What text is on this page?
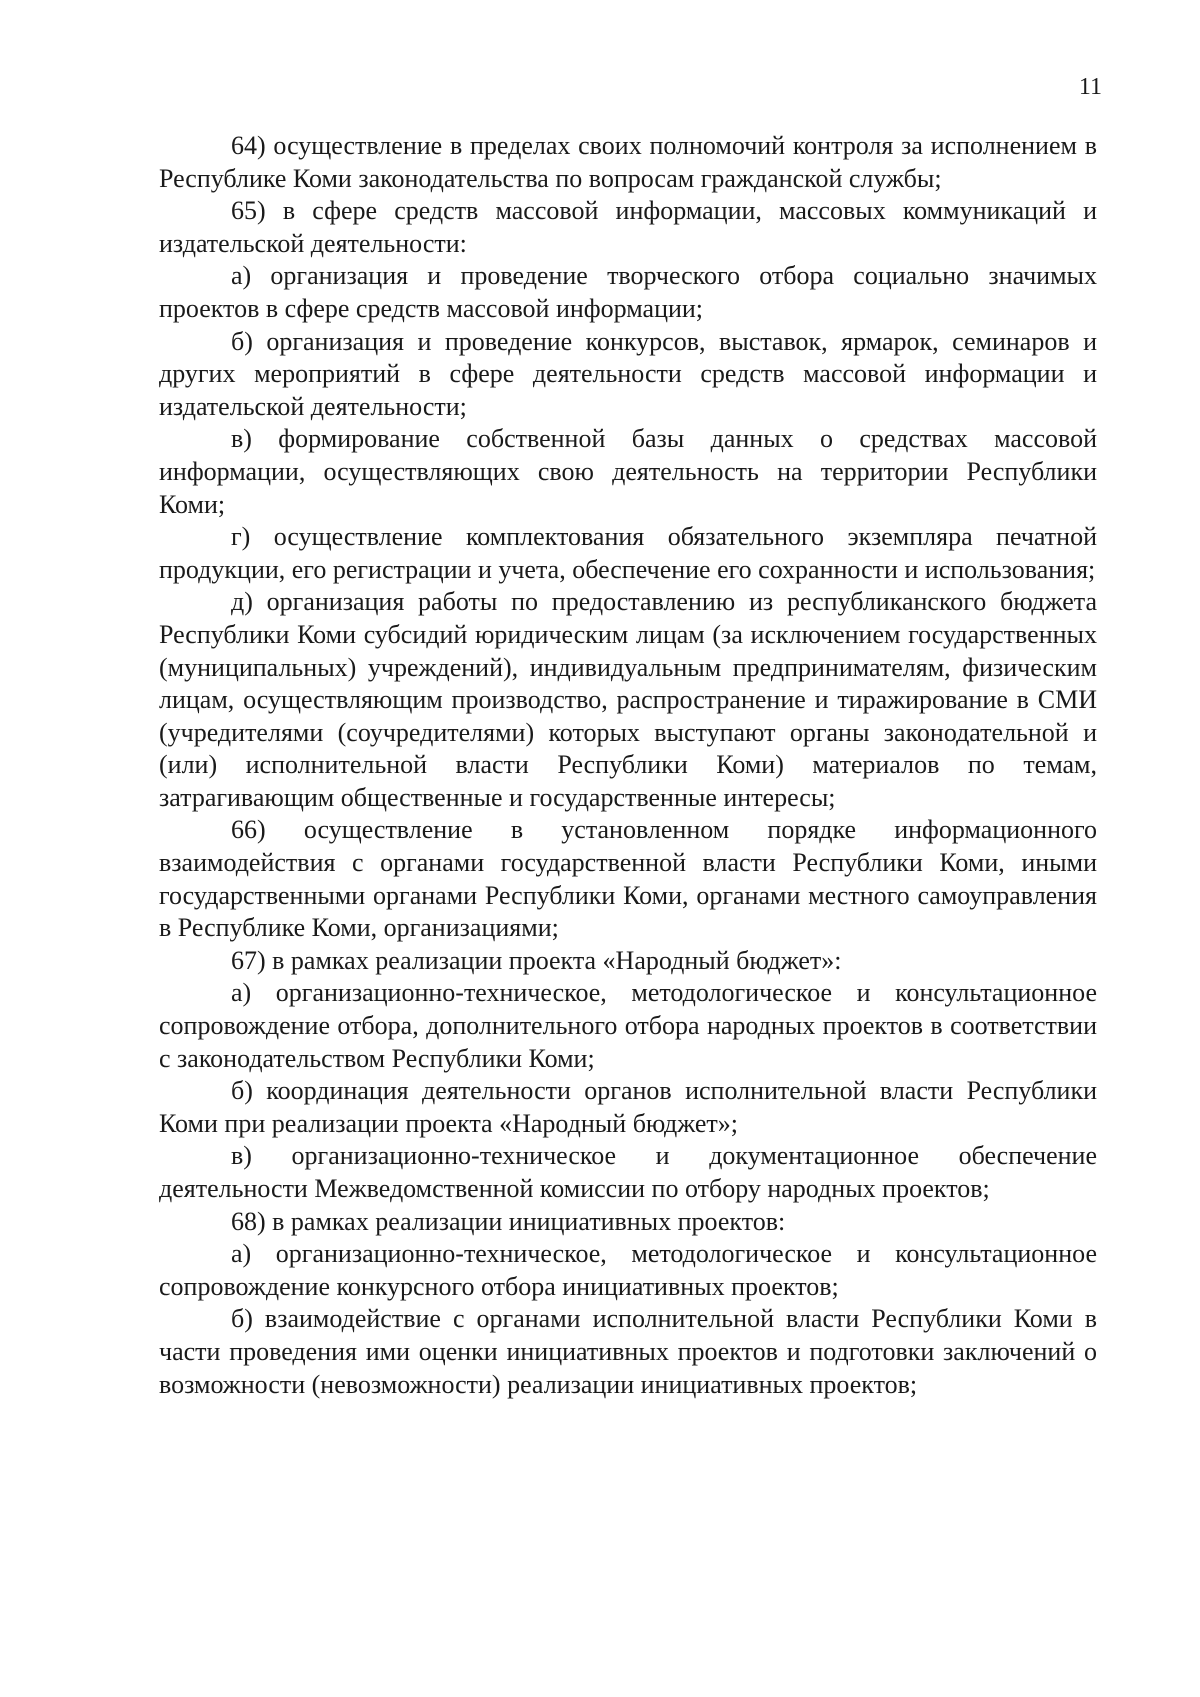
11

64) осуществление в пределах своих полномочий контроля за исполнением в Республике Коми законодательства по вопросам гражданской службы;

65) в сфере средств массовой информации, массовых коммуникаций и издательской деятельности:

а) организация и проведение творческого отбора социально значимых проектов в сфере средств массовой информации;

б) организация и проведение конкурсов, выставок, ярмарок, семинаров и других мероприятий в сфере деятельности средств массовой информации и издательской деятельности;

в) формирование собственной базы данных о средствах массовой информации, осуществляющих свою деятельность на территории Республики Коми;

г) осуществление комплектования обязательного экземпляра печатной продукции, его регистрации и учета, обеспечение его сохранности и использования;

д) организация работы по предоставлению из республиканского бюджета Республики Коми субсидий юридическим лицам (за исключением государственных (муниципальных) учреждений), индивидуальным предпринимателям, физическим лицам, осуществляющим производство, распространение и тиражирование в СМИ (учредителями (соучредителями) которых выступают органы законодательной и (или) исполнительной власти Республики Коми) материалов по темам, затрагивающим общественные и государственные интересы;

66) осуществление в установленном порядке информационного взаимодействия с органами государственной власти Республики Коми, иными государственными органами Республики Коми, органами местного самоуправления в Республике Коми, организациями;

67) в рамках реализации проекта «Народный бюджет»:

а) организационно-техническое, методологическое и консультационное сопровождение отбора, дополнительного отбора народных проектов в соответствии с законодательством Республики Коми;

б) координация деятельности органов исполнительной власти Республики Коми при реализации проекта «Народный бюджет»;

в) организационно-техническое и документационное обеспечение деятельности Межведомственной комиссии по отбору народных проектов;

68) в рамках реализации инициативных проектов:

а) организационно-техническое, методологическое и консультационное сопровождение конкурсного отбора инициативных проектов;

б) взаимодействие с органами исполнительной власти Республики Коми в части проведения ими оценки инициативных проектов и подготовки заключений о возможности (невозможности) реализации инициативных проектов;
